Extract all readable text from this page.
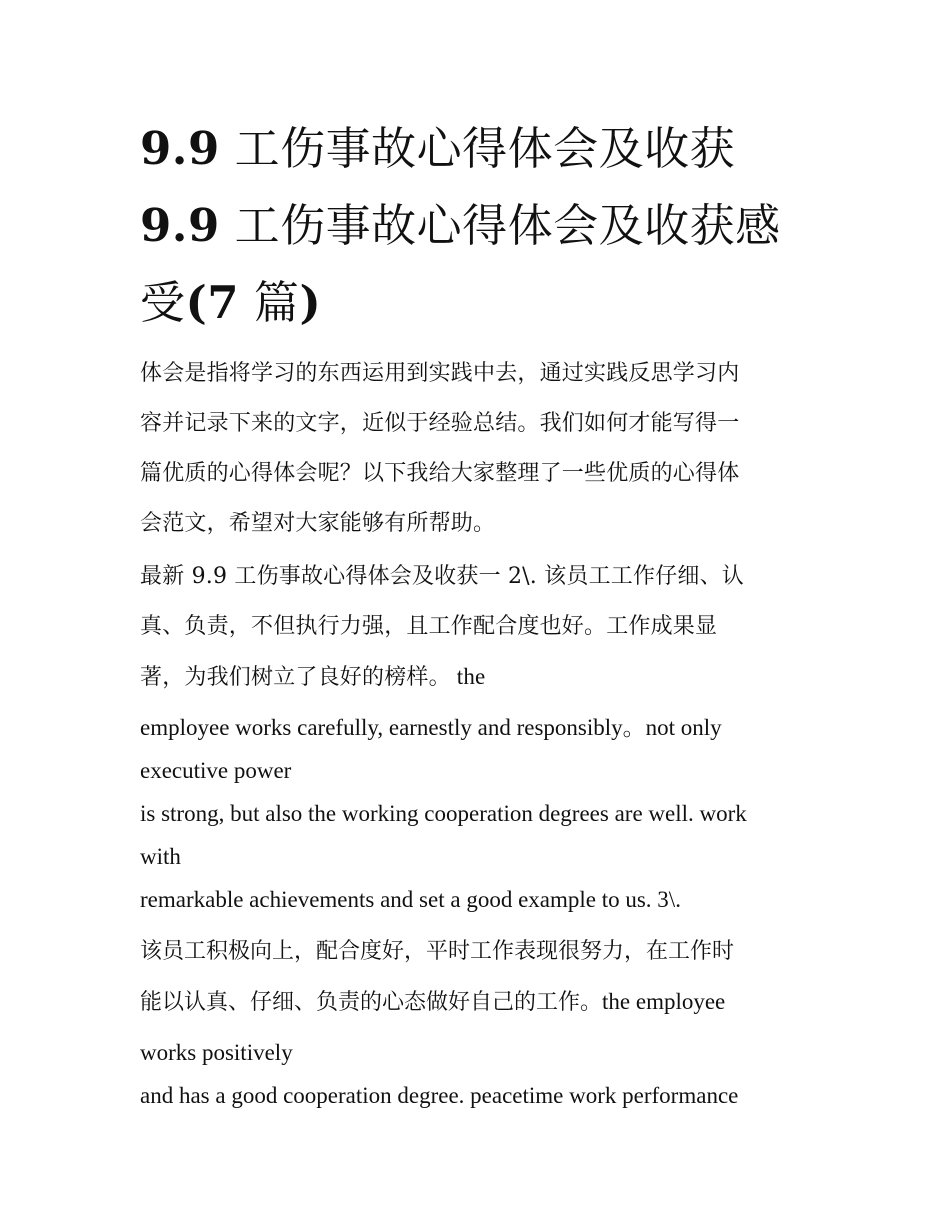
9.9 工伤事故心得体会及收获
9.9 工伤事故心得体会及收获感
受(7 篇)

体会是指将学习的东西运用到实践中去，通过实践反思学习内
容并记录下来的文字，近似于经验总结。我们如何才能写得一
篇优质的心得体会呢？以下我给大家整理了一些优质的心得体
会范文，希望对大家能够有所帮助。

最新 9.9 工伤事故心得体会及收获一 2\. 该员工工作仔细、认
真、负责，不但执行力强，且工作配合度也好。工作成果显
著，为我们树立了良好的榜样。 the

employee works carefully, earnestly and responsibly。not only
executive power
is strong, but also the working cooperation degrees are well. work
with
remarkable achievements and set a good example to us. 3\.
该员工积极向上，配合度好，平时工作表现很努力，在工作时
能以认真、仔细、负责的心态做好自己的工作。the employee
works positively
and has a good cooperation degree. peacetime work performance
